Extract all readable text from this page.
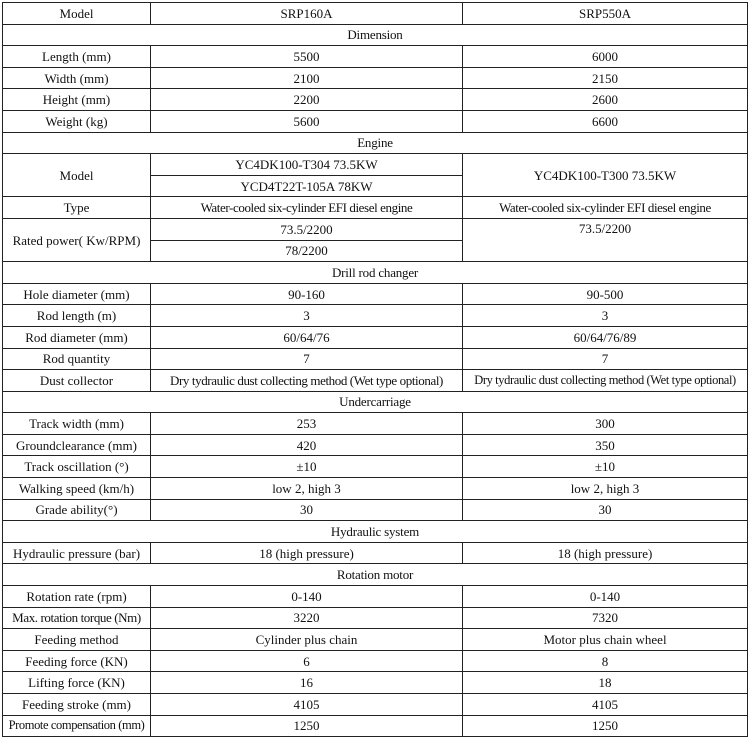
Model	SRP160A	SRP550A
Dimension		
Length (mm)	5500	6000
Width (mm)	2100	2150
Height (mm)	2200	2600
Weight (kg)	5600	6600
Engine		
Model	YC4DK100-T304 73.5KW	YC4DK100-T300 73.5KW
	YCD4T22T-105A 78KW	
Type	Water-cooled six-cylinder EFI diesel engine	Water-cooled six-cylinder EFI diesel engine
Rated power( Kw/RPM)	73.5/2200	73.5/2200
	78/2200	
Drill rod changer		
Hole diameter (mm)	90-160	90-500
Rod length (m)	3	3
Rod diameter (mm)	60/64/76	60/64/76/89
Rod quantity	7	7
Dust collector	Dry tydraulic dust collecting method (Wet type optional)	Dry tydraulic dust collecting method (Wet type optional)
Undercarriage		
Track width (mm)	253	300
Groundclearance (mm)	420	350
Track oscillation (°)	±10	±10
Walking speed (km/h)	low 2, high 3	low 2, high 3
Grade ability(°)	30	30
Hydraulic system		
Hydraulic pressure (bar)	18 (high pressure)	18 (high pressure)
Rotation motor		
Rotation rate (rpm)	0-140	0-140
Max. rotation torque (Nm)	3220	7320
Feeding method	Cylinder plus chain	Motor plus chain wheel
Feeding force (KN)	6	8
Lifting force (KN)	16	18
Feeding stroke (mm)	4105	4105
Promote compensation (mm)	1250	1250
